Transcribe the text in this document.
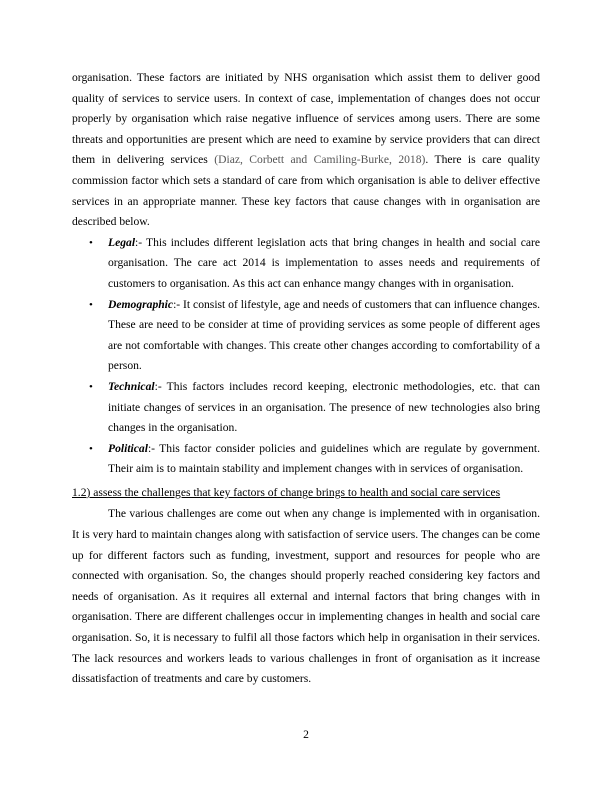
organisation. These factors are initiated by NHS organisation which assist them to deliver good quality of services to service users. In context of case, implementation of changes does not occur properly by organisation which raise negative influence of services among users. There are some threats and opportunities are present which are need to examine by service providers that can direct them in delivering services (Diaz, Corbett and Camiling-Burke, 2018). There is care quality commission factor which sets a standard of care from which organisation is able to deliver effective services in an appropriate manner. These key factors that cause changes with in organisation are described below.

• Legal:- This includes different legislation acts that bring changes in health and social care organisation. The care act 2014 is implementation to asses needs and requirements of customers to organisation. As this act can enhance mangy changes with in organisation.
• Demographic:- It consist of lifestyle, age and needs of customers that can influence changes. These are need to be consider at time of providing services as some people of different ages are not comfortable with changes. This create other changes according to comfortability of a person.
• Technical:- This factors includes record keeping, electronic methodologies, etc. that can initiate changes of services in an organisation. The presence of new technologies also bring changes in the organisation.
• Political:- This factor consider policies and guidelines which are regulate by government. Their aim is to maintain stability and implement changes with in services of organisation.

1.2) assess the challenges that key factors of change brings to health and social care services

The various challenges are come out when any change is implemented with in organisation. It is very hard to maintain changes along with satisfaction of service users. The changes can be come up for different factors such as funding, investment, support and resources for people who are connected with organisation. So, the changes should properly reached considering key factors and needs of organisation. As it requires all external and internal factors that bring changes with in organisation. There are different challenges occur in implementing changes in health and social care organisation. So, it is necessary to fulfil all those factors which help in organisation in their services. The lack resources and workers leads to various challenges in front of organisation as it increase dissatisfaction of treatments and care by customers.

2
